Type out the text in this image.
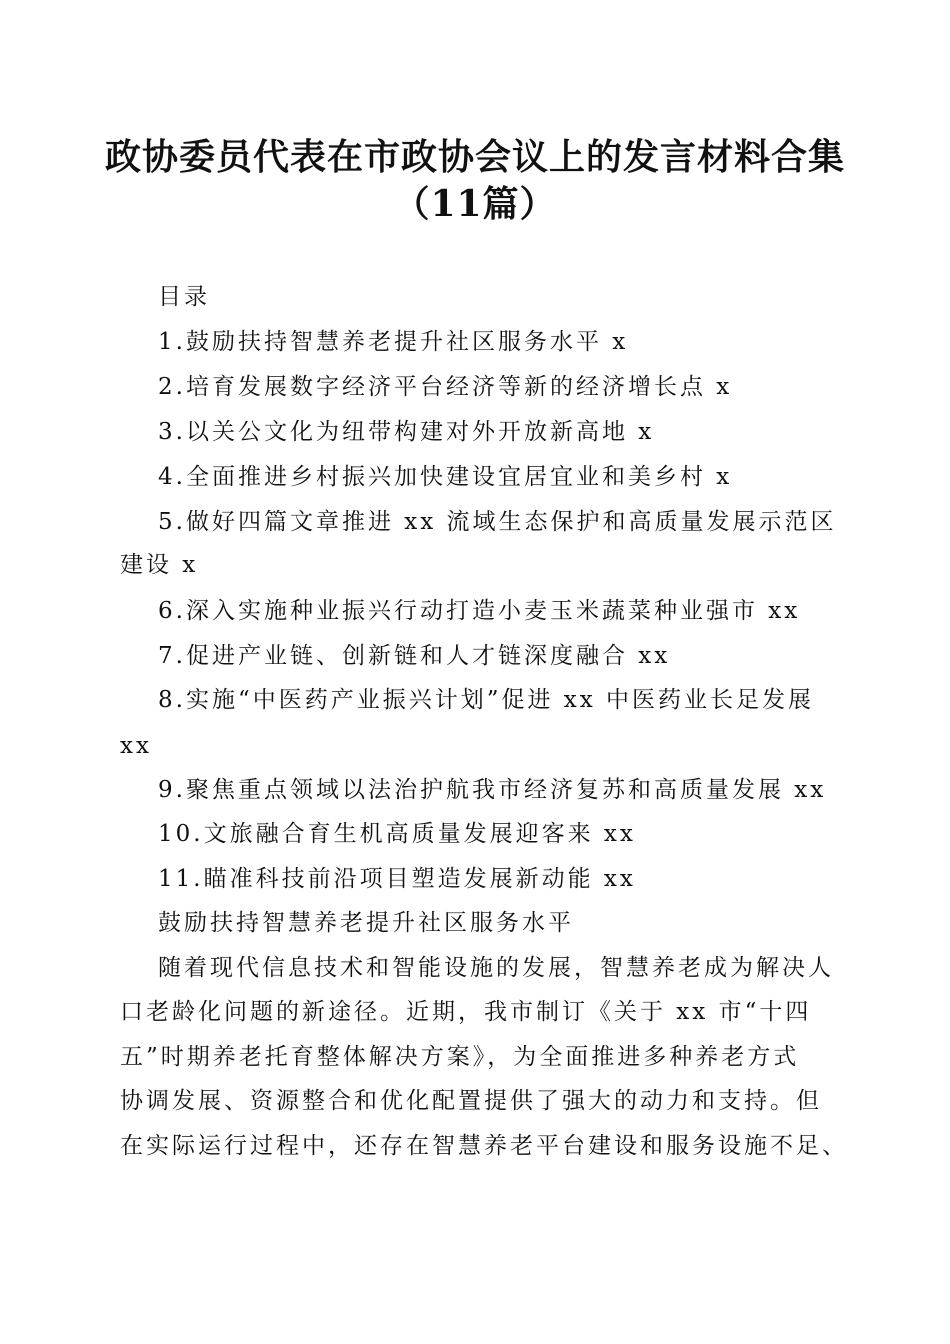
政协委员代表在市政协会议上的发言材料合集
（11篇）

目录

1.鼓励扶持智慧养老提升社区服务水平 x

2.培育发展数字经济平台经济等新的经济增长点 x

3.以关公文化为纽带构建对外开放新高地 x

4.全面推进乡村振兴加快建设宜居宜业和美乡村 x

5.做好四篇文章推进 xx 流域生态保护和高质量发展示范区

建设 x

6.深入实施种业振兴行动打造小麦玉米蔬菜种业强市 xx

7.促进产业链、创新链和人才链深度融合 xx

8.实施“中医药产业振兴计划”促进 xx 中医药业长足发展

xx

9.聚焦重点领域以法治护航我市经济复苏和高质量发展 xx

10.文旅融合育生机高质量发展迎客来 xx

11.瞄准科技前沿项目塑造发展新动能 xx

鼓励扶持智慧养老提升社区服务水平

随着现代信息技术和智能设施的发展，智慧养老成为解决人

口老龄化问题的新途径。近期，我市制订《关于 xx 市“十四

五”时期养老托育整体解决方案》，为全面推进多种养老方式

协调发展、资源整合和优化配置提供了强大的动力和支持。但

在实际运行过程中，还存在智慧养老平台建设和服务设施不足、
